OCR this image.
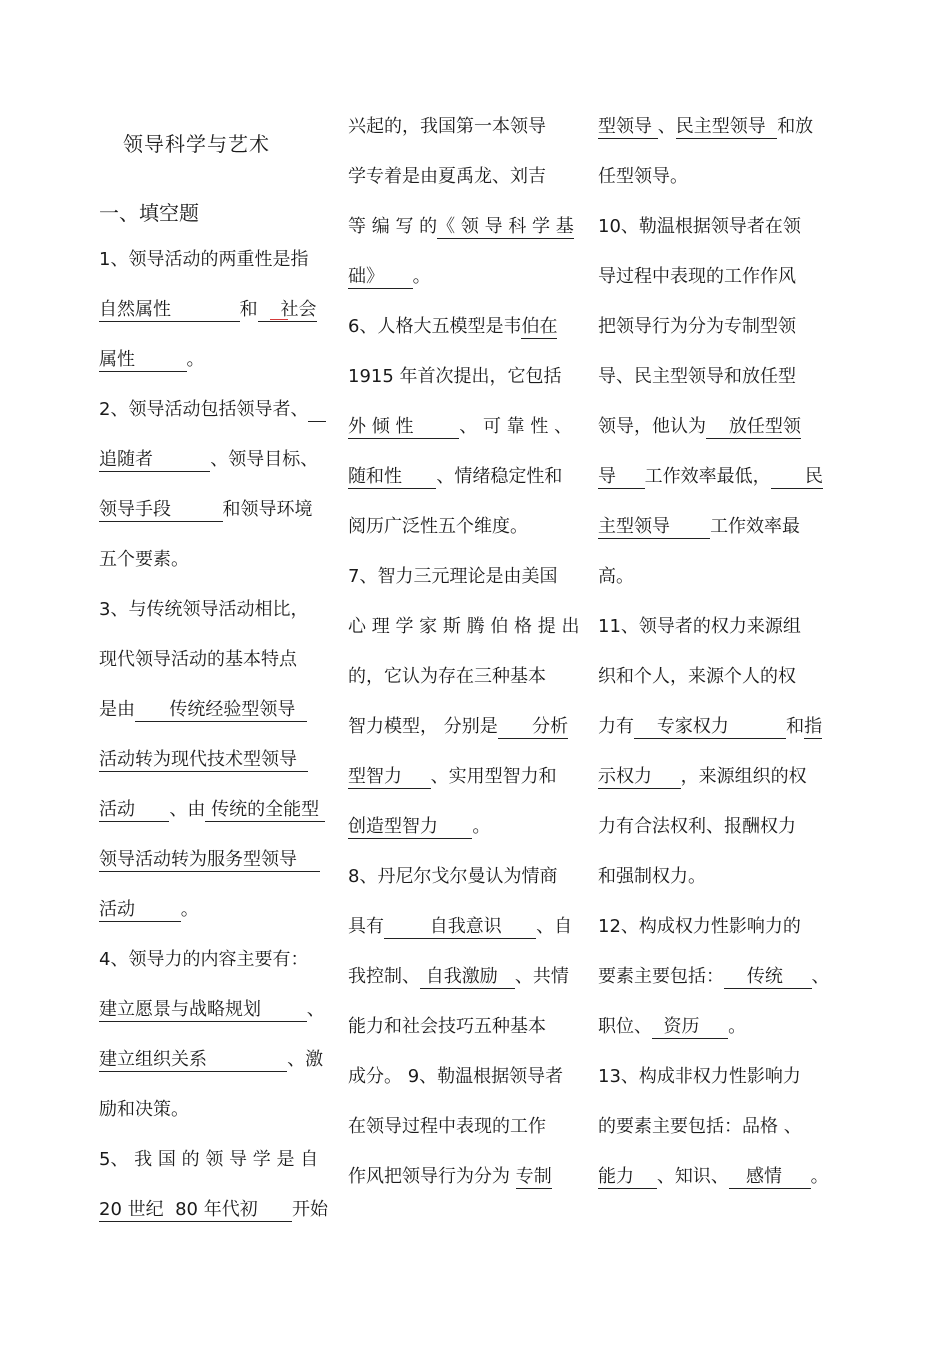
领导科学与艺术
一、填空题
1、领导活动的两重性是指
自然属性            和    社会
属性         。
2、领导活动包括领导者、
追随者          、领导目标、
领导手段         和领导环境
五个要素。
3、与传统领导活动相比，
现代领导活动的基本特点
是由      传统经验型领导
活动转为现代技术型领导
活动      、由 传统的全能型
领导活动转为服务型领导
活动        。
4、领导力的内容主要有：
建立愿景与战略规划        、
建立组织关系              、激
励和决策。
5、 我 国 的 领 导 学 是 自
20 世纪  80 年代初      开始
兴起的，我国第一本领导
学专着是由夏禹龙、刘吉
等 编 写 的《 领 导 科 学 基
础》     。
6、人格大五模型是韦伯在
1915 年首次提出，它包括
外 倾 性        、 可 靠 性 、
随和性      、情绪稳定性和
阅历广泛性五个维度。
7、智力三元理论是由美国
心 理 学 家 斯 腾 伯 格 提 出
的，它认为存在三种基本
智力模型， 分别是      分析
型智力     、实用型智力和
创造型智力      。
8、丹尼尔戈尔曼认为情商
具有        自我意识      、自
我控制、 自我激励   、共情
能力和社会技巧五种基本
成分。 9、勒温根据领导者
在领导过程中表现的工作
作风把领导行为分为 专制
型领导 、民主型领导  和放
任型领导。
10、勒温根据领导者在领
导过程中表现的工作作风
把领导行为分为专制型领
导、民主型领导和放任型
领导，他认为    放任型领
导     工作效率最低，      民
主型领导       工作效率最
高。
11、领导者的权力来源组
织和个人，来源个人的权
力有    专家权力          和指
示权力     ，来源组织的权
力有合法权利、报酬权力
和强制权力。
12、构成权力性影响力的
要素主要包括：    传统     、
职位、  资历     。
13、构成非权力性影响力
的要素主要包括：品格 、
能力    、知识、   感情     。
